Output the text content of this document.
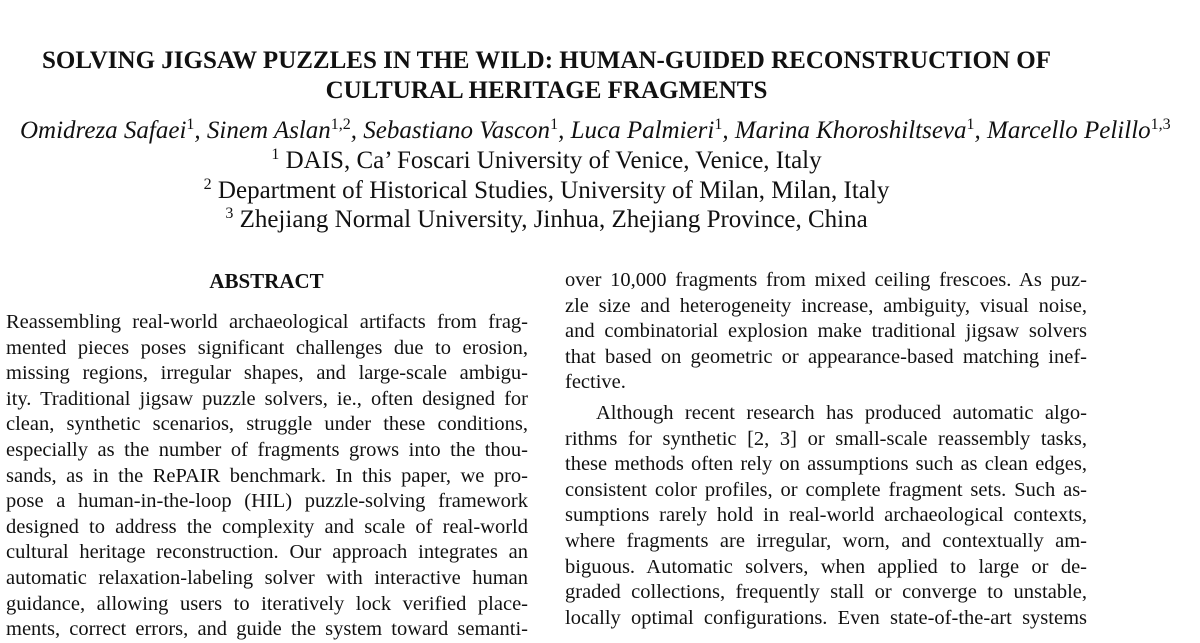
SOLVING JIGSAW PUZZLES IN THE WILD: HUMAN-GUIDED RECONSTRUCTION OF
CULTURAL HERITAGE FRAGMENTS
Omidreza Safaei$^1$, Sinem Aslan$^{1,2}$, Sebastiano Vascon$^1$, Luca Palmieri$^1$, Marina Khoroshiltseva$^1$, Marcello Pelillo$^{1,3}$
$^1$ DAIS, Ca’ Foscari University of Venice, Venice, Italy
$^2$ Department of Historical Studies, University of Milan, Milan, Italy
$^3$ Zhejiang Normal University, Jinhua, Zhejiang Province, China
ABSTRACT
Reassembling real-world archaeological artifacts from frag-
mented pieces poses significant challenges due to erosion,
missing regions, irregular shapes, and large-scale ambigu-
ity. Traditional jigsaw puzzle solvers, ie., often designed for
clean, synthetic scenarios, struggle under these conditions,
especially as the number of fragments grows into the thou-
sands, as in the RePAIR benchmark. In this paper, we pro-
pose a human-in-the-loop (HIL) puzzle-solving framework
designed to address the complexity and scale of real-world
cultural heritage reconstruction. Our approach integrates an
automatic relaxation-labeling solver with interactive human
guidance, allowing users to iteratively lock verified place-
ments, correct errors, and guide the system toward semanti-
over 10,000 fragments from mixed ceiling frescoes. As puz-
zle size and heterogeneity increase, ambiguity, visual noise,
and combinatorial explosion make traditional jigsaw solvers
that based on geometric or appearance-based matching inef-
fective.
Although recent research has produced automatic algo-
rithms for synthetic [2, 3] or small-scale reassembly tasks,
these methods often rely on assumptions such as clean edges,
consistent color profiles, or complete fragment sets. Such as-
sumptions rarely hold in real-world archaeological contexts,
where fragments are irregular, worn, and contextually am-
biguous. Automatic solvers, when applied to large or de-
graded collections, frequently stall or converge to unstable,
locally optimal configurations. Even state-of-the-art systems
